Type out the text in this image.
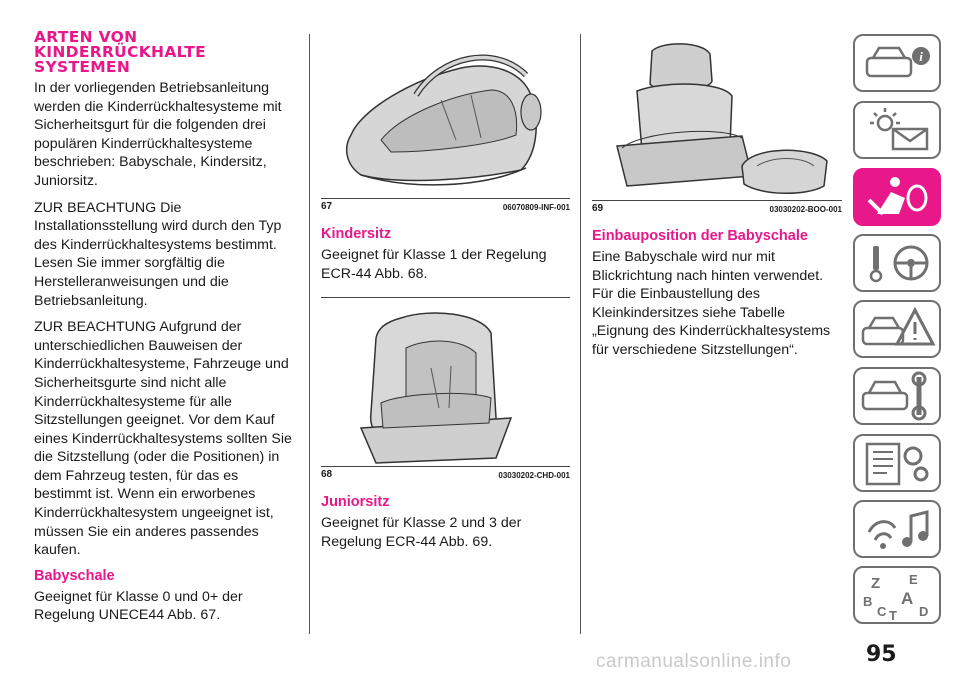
ARTEN VON
KINDERRÜCKHALTE
SYSTEMEN

In der vorliegenden Betriebsanleitung werden die Kinderrückhaltesysteme mit Sicherheitsgurt für die folgenden drei populären Kinderrückhaltesysteme beschrieben: Babyschale, Kindersitz, Juniorsitz.

ZUR BEACHTUNG Die Installationsstellung wird durch den Typ des Kinderrückhaltesystems bestimmt. Lesen Sie immer sorgfältig die Herstelleranweisungen und die Betriebsanleitung.

ZUR BEACHTUNG Aufgrund der unterschiedlichen Bauweisen der Kinderrückhaltesysteme, Fahrzeuge und Sicherheitsgurte sind nicht alle Kinderrückhaltesysteme für alle Sitzstellungen geeignet. Vor dem Kauf eines Kinderrückhaltesystems sollten Sie die Sitzstellung (oder die Positionen) in dem Fahrzeug testen, für das es bestimmt ist. Wenn ein erworbenes Kinderrückhaltesystem ungeeignet ist, müssen Sie ein anderes passendes kaufen.

Babyschale

Geeignet für Klasse 0 und 0+ der Regelung UNECE44 Abb. 67.

67	06070809-INF-001
Kindersitz

Geeignet für Klasse 1 der Regelung ECR-44 Abb. 68.

68	03030202-CHD-001
Juniorsitz

Geeignet für Klasse 2 und 3 der Regelung ECR-44 Abb. 69.

69	03030202-BOO-001
Einbauposition der Babyschale

Eine Babyschale wird nur mit Blickrichtung nach hinten verwendet. Für die Einbaustellung des Kleinkindersitzes siehe Tabelle „Eignung des Kinderrückhaltesystems für verschiedene Sitzstellungen“.

i
Z E
A
B
C T D
95
carmanualsonline.info
